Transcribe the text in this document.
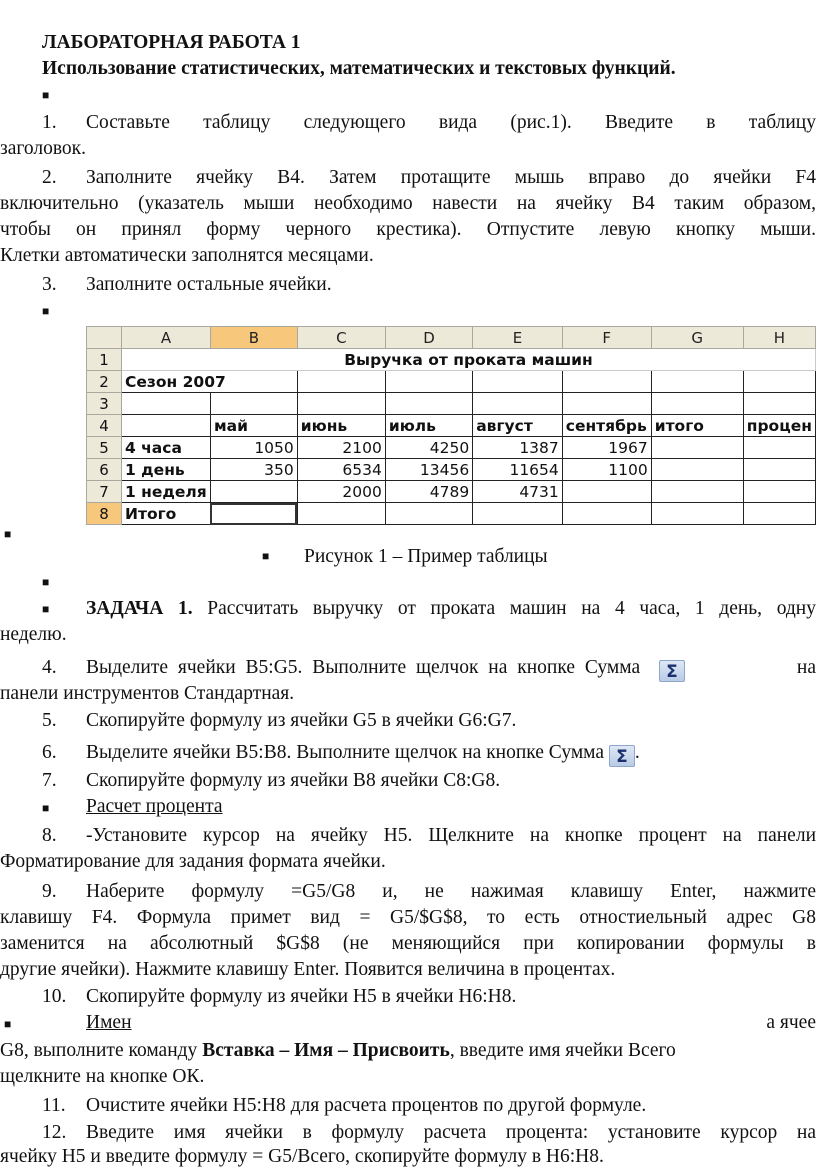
ЛАБОРАТОРНАЯ РАБОТА 1
Использование статистических, математических и текстовых функций.
■
1. Составьте таблицу следующего вида (рис.1). Введите в таблицу
заголовок.
2. Заполните ячейку B4. Затем протащите мышь вправо до ячейки F4
включительно (указатель мыши необходимо навести на ячейку B4 таким образом,
чтобы он принял форму черного крестика). Отпустите левую кнопку мыши.
Клетки автоматически заполнятся месяцами.
3. Заполните остальные ячейки.
■
	A	B	C	D	E	F	G	H
1	Выручка от проката машин							
2	Сезон 2007							
3								
4		май	июнь	июль	август	сентябрь	итого	процен
5	4 часа	1050	2100	4250	1387	1967		
6	1 день	350	6534	13456	11654	1100		
7	1 неделя		2000	4789	4731			
8	Итого							
■
■ Рисунок 1 – Пример таблицы
■
■ ЗАДАЧА 1. Рассчитать выручку от проката машин на 4 часа, 1 день, одну
неделю.
4. Выделите ячейки B5:G5. Выполните щелчок на кнопке Сумма Σ	на
панели инструментов Стандартная.
5. Скопируйте формулу из ячейки G5 в ячейки G6:G7.
6. Выделите ячейки B5:B8. Выполните щелчок на кнопке Сумма Σ .
7. Скопируйте формулу из ячейки B8 ячейки C8:G8.
■ Расчет процента
8. -Установите курсор на ячейку H5. Щелкните на кнопке процент на панели
Форматирование для задания формата ячейки.
9. Наберите формулу =G5/G8 и, не нажимая клавишу Enter, нажмите
клавишу F4. Формула примет вид = G5/$G$8, то есть отностиельный адрес G8
заменится на абсолютный $G$8 (не меняющийся при копировании формулы в
другие ячейки). Нажмите клавишу Enter. Появится величина в процентах.
10. Скопируйте формулу из ячейки H5 в ячейки H6:H8.
■	Имен	а ячее
G8, выполните команду Вставка – Имя – Присвоить, введите имя ячейки Всего
щелкните на кнопке ОК.
11. Очистите ячейки H5:H8 для расчета процентов по другой формуле.
12. Введите имя ячейки в формулу расчета процента: установите курсор на
ячейку H5 и введите формулу = G5/Всего, скопируйте формулу в H6:H8.
